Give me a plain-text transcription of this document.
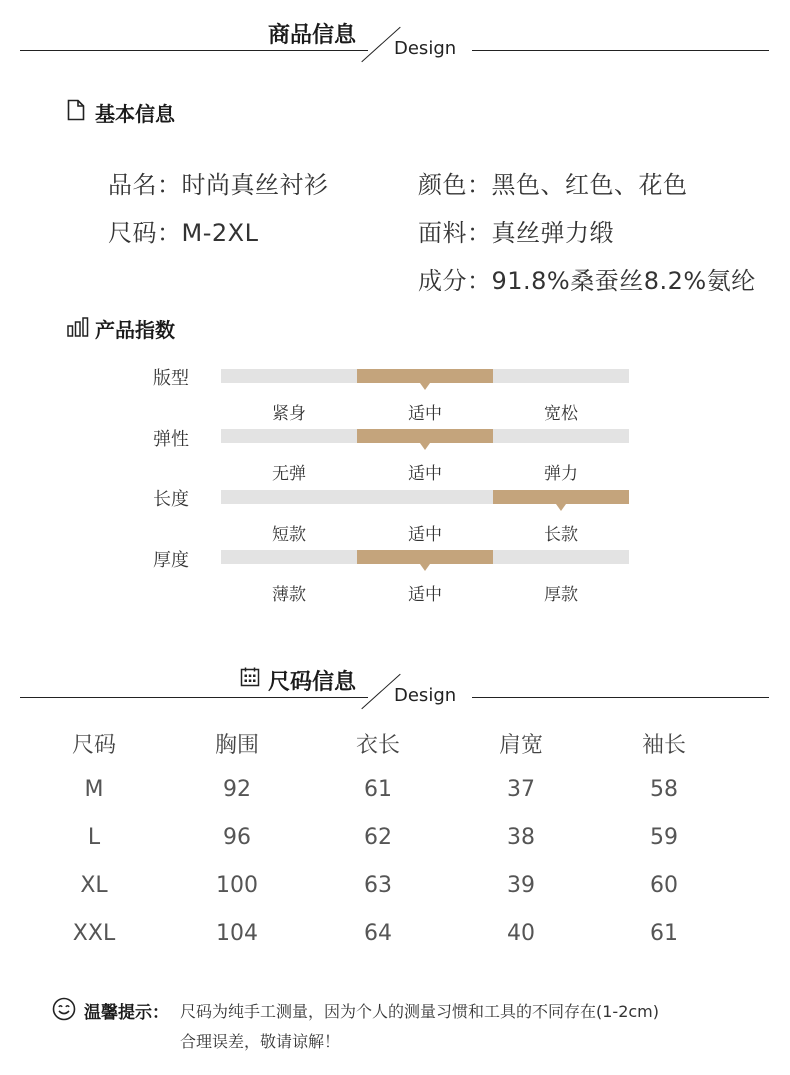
商品信息
Design
基本信息
品名：时尚真丝衬衫
尺码：M-2XL
颜色：黑色、红色、花色
面料：真丝弹力缎
成分：91.8%桑蚕丝8.2%氨纶
产品指数
版型
紧身	适中	宽松
弹性
无弹	适中	弹力
长度
短款	适中	长款
厚度
薄款	适中	厚款
尺码信息
Design
尺码	胸围	衣长	肩宽	袖长
M	92	61	37	58
L	96	62	38	59
XL	100	63	39	60
XXL	104	64	40	61
温馨提示： 尺码为纯手工测量，因为个人的测量习惯和工具的不同存在(1-2cm)
合理误差，敬请谅解！
